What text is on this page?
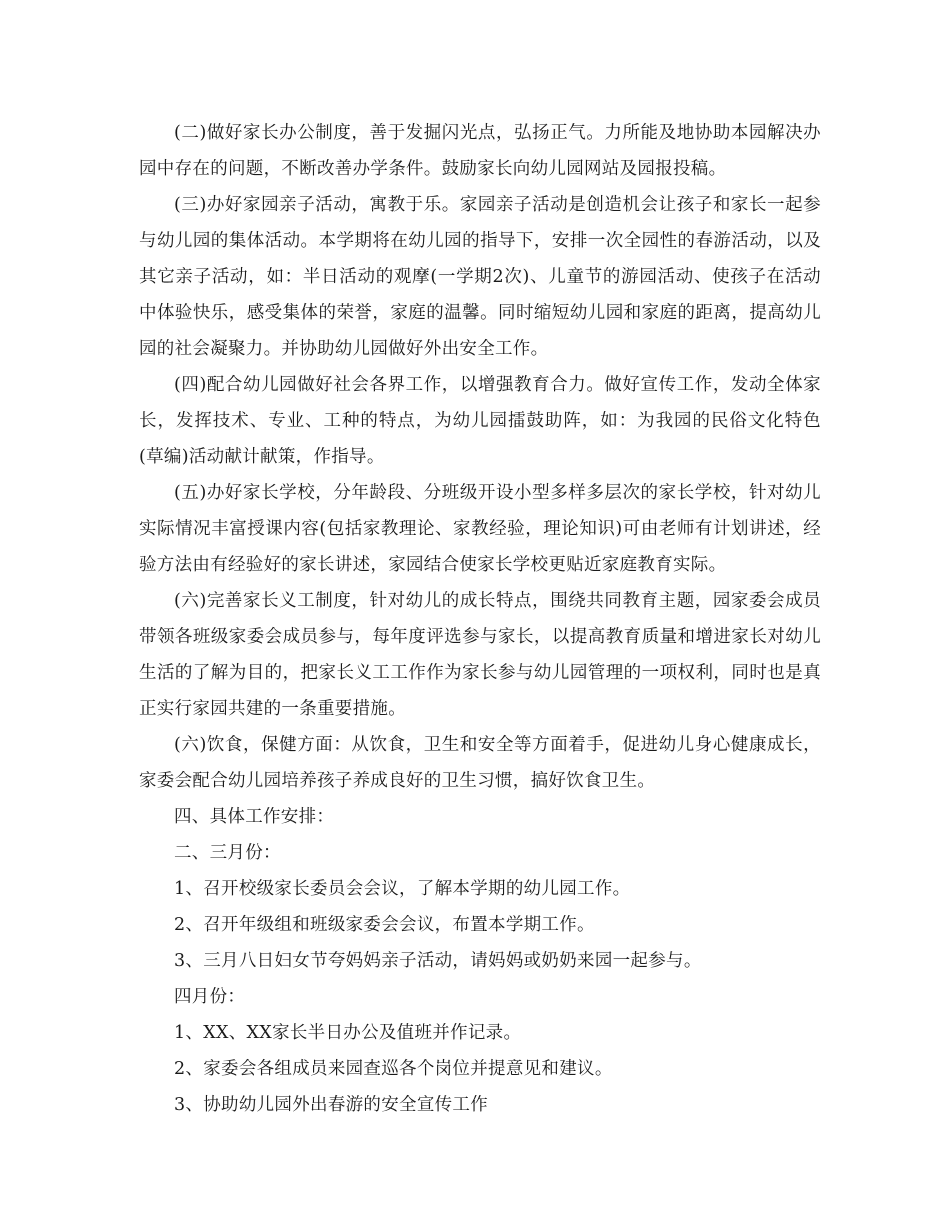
(二)做好家长办公制度，善于发掘闪光点，弘扬正气。力所能及地协助本园解决办园中存在的问题，不断改善办学条件。鼓励家长向幼儿园网站及园报投稿。

(三)办好家园亲子活动，寓教于乐。家园亲子活动是创造机会让孩子和家长一起参与幼儿园的集体活动。本学期将在幼儿园的指导下，安排一次全园性的春游活动，以及其它亲子活动，如：半日活动的观摩(一学期2次)、儿童节的游园活动、使孩子在活动中体验快乐，感受集体的荣誉，家庭的温馨。同时缩短幼儿园和家庭的距离，提高幼儿园的社会凝聚力。并协助幼儿园做好外出安全工作。

(四)配合幼儿园做好社会各界工作，以增强教育合力。做好宣传工作，发动全体家长，发挥技术、专业、工种的特点，为幼儿园擂鼓助阵，如：为我园的民俗文化特色(草编)活动献计献策，作指导。

(五)办好家长学校，分年龄段、分班级开设小型多样多层次的家长学校，针对幼儿实际情况丰富授课内容(包括家教理论、家教经验，理论知识)可由老师有计划讲述，经验方法由有经验好的家长讲述，家园结合使家长学校更贴近家庭教育实际。

(六)完善家长义工制度，针对幼儿的成长特点，围绕共同教育主题，园家委会成员带领各班级家委会成员参与，每年度评选参与家长，以提高教育质量和增进家长对幼儿生活的了解为目的，把家长义工工作作为家长参与幼儿园管理的一项权利，同时也是真正实行家园共建的一条重要措施。

(六)饮食，保健方面：从饮食，卫生和安全等方面着手，促进幼儿身心健康成长，家委会配合幼儿园培养孩子养成良好的卫生习惯，搞好饮食卫生。

四、具体工作安排：

二、三月份：

1、召开校级家长委员会会议，了解本学期的幼儿园工作。

2、召开年级组和班级家委会会议，布置本学期工作。

3、三月八日妇女节夸妈妈亲子活动，请妈妈或奶奶来园一起参与。

四月份：

1、XX、XX家长半日办公及值班并作记录。

2、家委会各组成员来园查巡各个岗位并提意见和建议。

3、协助幼儿园外出春游的安全宣传工作
